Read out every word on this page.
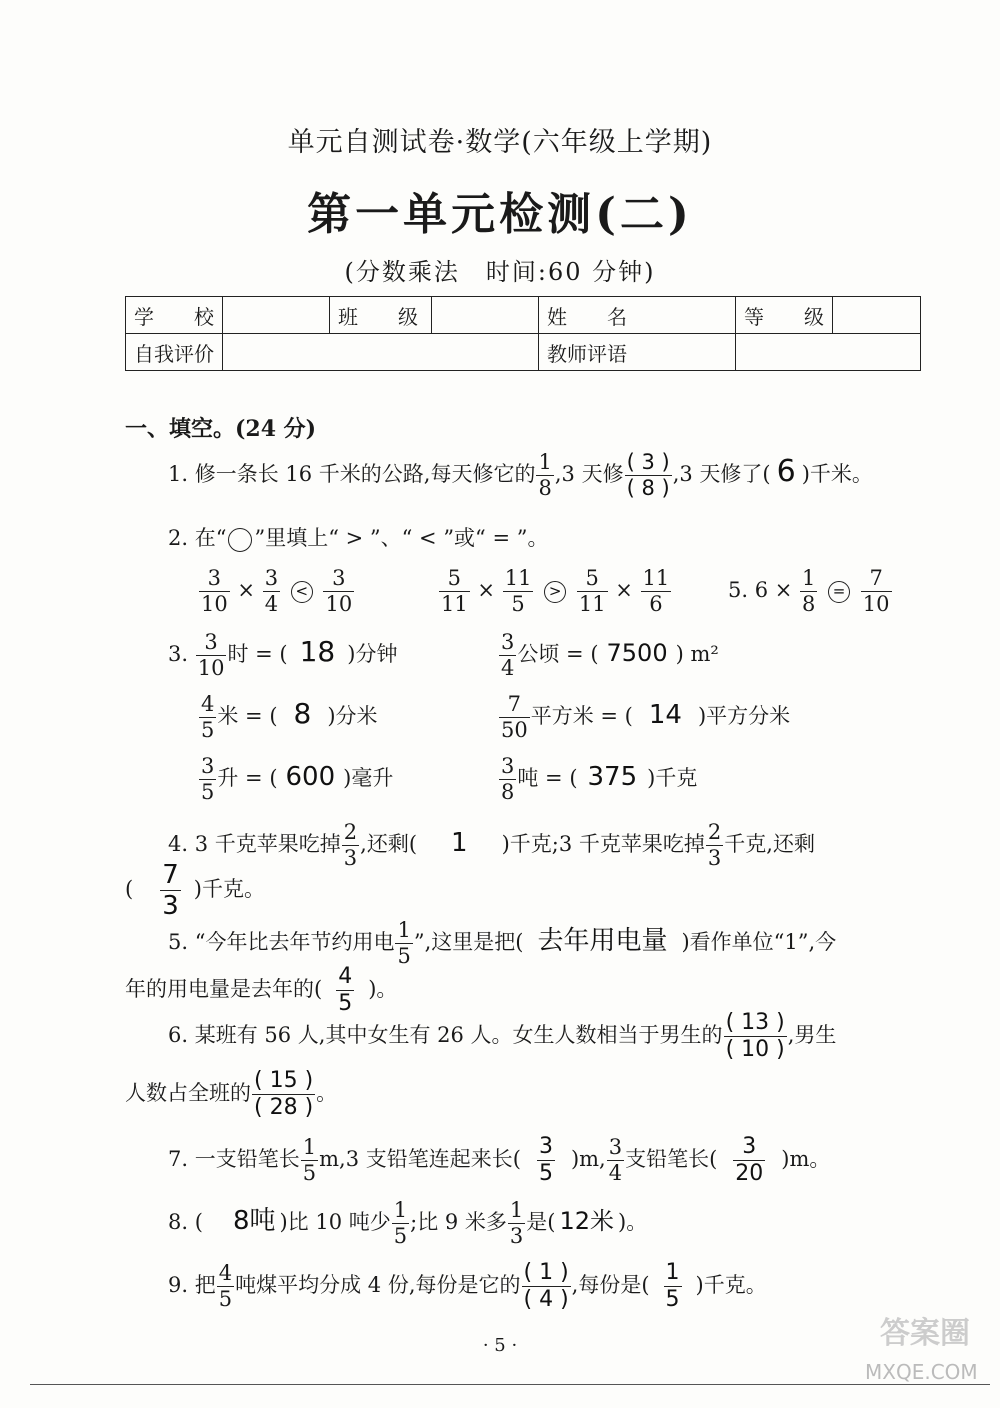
单元自测试卷·数学(六年级上学期)
第一单元检测(二)
(分数乘法　时间:60 分钟)
学　　校		班　　级		姓　　名	等　　级	
自我评价				教师评语		
一、填空。(24 分)
1. 修一条长 16 千米的公路,每天修它的 $\frac{1}{8} ,3$ 天修 $\frac{( 3 )}{( 8 )} ,3$ 天修了( 6 )千米。
2. 在“ ”里填上“ > ”、“ < ”或“ = ”。
$\frac{3}{10} \times \frac{3}{4} < \frac{3}{10}$	$\frac{5}{11} \times \frac{11}{5} > \frac{5}{11} \times \frac{11}{6}$	5. $6 \times \frac{1}{8} = \frac{7}{10}$
3. $\frac{3}{10}$ 时 = ( 18 )分钟	$\frac{3}{4}$ 公顷 = ( 7500 ) m²
$\frac{4}{5}$ 米 = ( 8 )分米	$\frac{7}{50}$ 平方米 = ( 14 )平方分米
$\frac{3}{5}$ 升 = ( 600 )毫升	$\frac{3}{8}$ 吨 = ( 375 )千克
4. 3 千克苹果吃掉 $\frac{2}{3}$ ,还剩( 1 )千克;3 千克苹果吃掉 $\frac{2}{3}$ 千克,还剩
( $\frac{7}{3}$ )千克。
5. “今年比去年节约用电 $\frac{1}{5}$ ”,这里是把( 去年用电量 )看作单位“1”,今
年的用电量是去年的( $\frac{4}{5}$ )。
6. 某班有 56 人,其中女生有 26 人。女生人数相当于男生的 $\frac{( 13 )}{( 10 )}$ ,男生
人数占全班的 $\frac{( 15 )}{( 28 )}$ 。
7. 一支铅笔长 $\frac{1}{5} m,3$ 支铅笔连起来长( $\frac{3}{5} )m$, $\frac{3}{4}$ 支铅笔长( $\frac{3}{20} )m$。
8. ( 8吨 )比 10 吨少 $\frac{1}{5}$ ;比 9 米多 $\frac{1}{3}$ 是( 12米 )。
9. 把 $\frac{4}{5}$ 吨煤平均分成 4 份,每份是它的 $\frac{( 1 )}{( 4 )}$ ,每份是( $\frac{1}{5}$ )千克。
· 5 ·	答案圈
MXQE.COM
